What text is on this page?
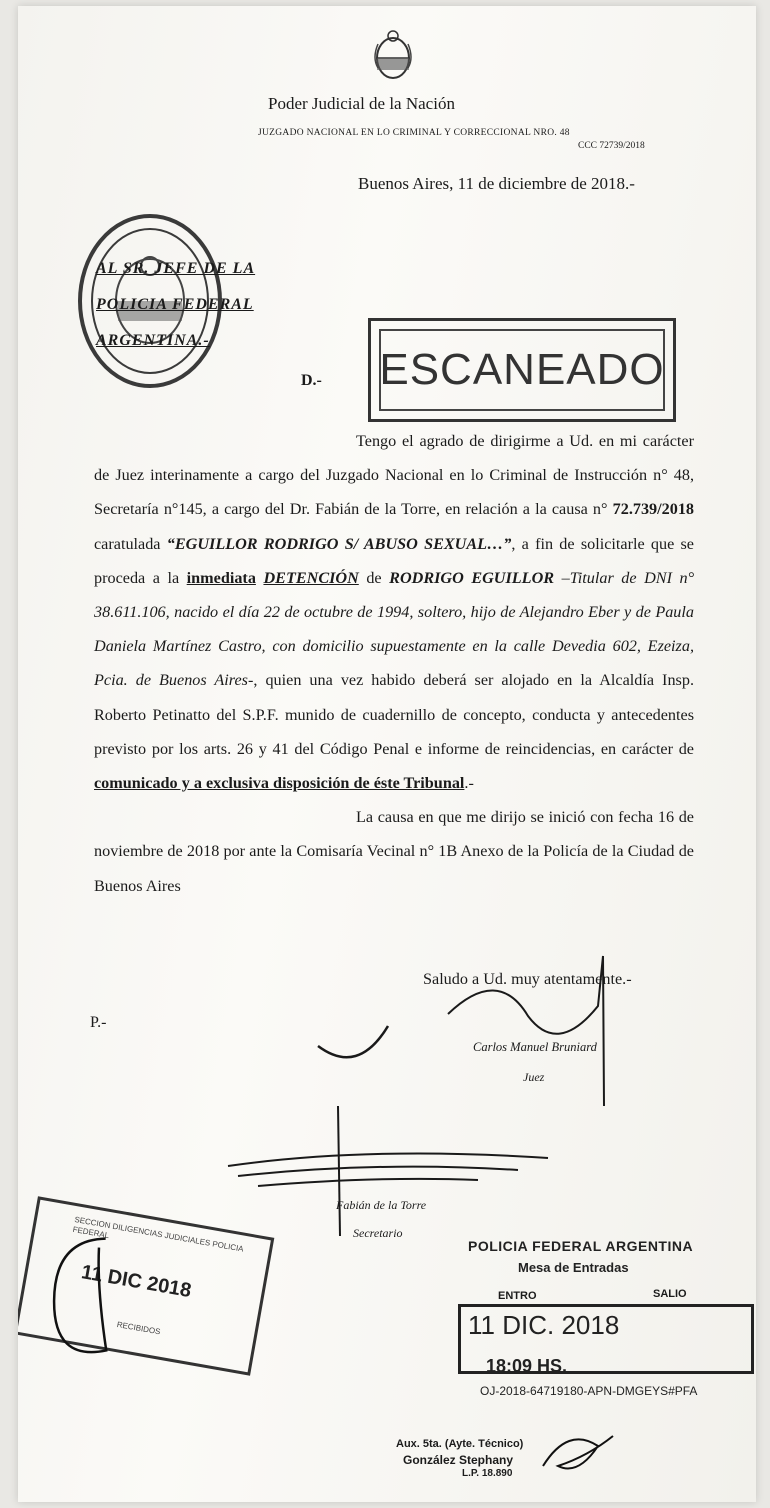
Poder Judicial de la Nación
JUZGADO NACIONAL EN LO CRIMINAL Y CORRECCIONAL NRO. 48
CCC 72739/2018
Buenos Aires, 11 de diciembre de 2018.-
AL SR. JEFE DE LA
POLICIA FEDERAL
ARGENTINA.-
D.- ESCANEADO

Tengo el agrado de dirigirme a Ud. en mi carácter de Juez interinamente a cargo del Juzgado Nacional en lo Criminal de Instrucción n° 48, Secretaría n°145, a cargo del Dr. Fabián de la Torre, en relación a la causa n° 72.739/2018 caratulada “EGUILLOR RODRIGO S/ ABUSO SEXUAL…”, a fin de solicitarle que se proceda a la inmediata DETENCIÓN de RODRIGO EGUILLOR –Titular de DNI n° 38.611.106, nacido el día 22 de octubre de 1994, soltero, hijo de Alejandro Eber y de Paula Daniela Martínez Castro, con domicilio supuestamente en la calle Devedia 602, Ezeiza, Pcia. de Buenos Aires-, quien una vez habido deberá ser alojado en la Alcaldía Insp. Roberto Petinatto del S.P.F. munido de cuadernillo de concepto, conducta y antecedentes previsto por los arts. 26 y 41 del Código Penal e informe de reincidencias, en carácter de comunicado y a exclusiva disposición de éste Tribunal.-

La causa en que me dirijo se inició con fecha 16 de noviembre de 2018 por ante la Comisaría Vecinal n° 1B Anexo de la Policía de la Ciudad de Buenos Aires

Saludo a Ud. muy atentamente.-
P.-
Carlos Manuel Bruniard
Juez
Fabián de la Torre
Secretario
SECCION DILIGENCIAS JUDICIALES POLICIA FEDERAL
11 DIC 2018
RECIBIDOS
POLICIA FEDERAL ARGENTINA
Mesa de Entradas
ENTRO	SALIO
11 DIC. 2018
18:09 HS.
OJ-2018-64719180-APN-DMGEYS#PFA
Aux. 5ta. (Ayte. Técnico)
González Stephany
L.P. 18.890
